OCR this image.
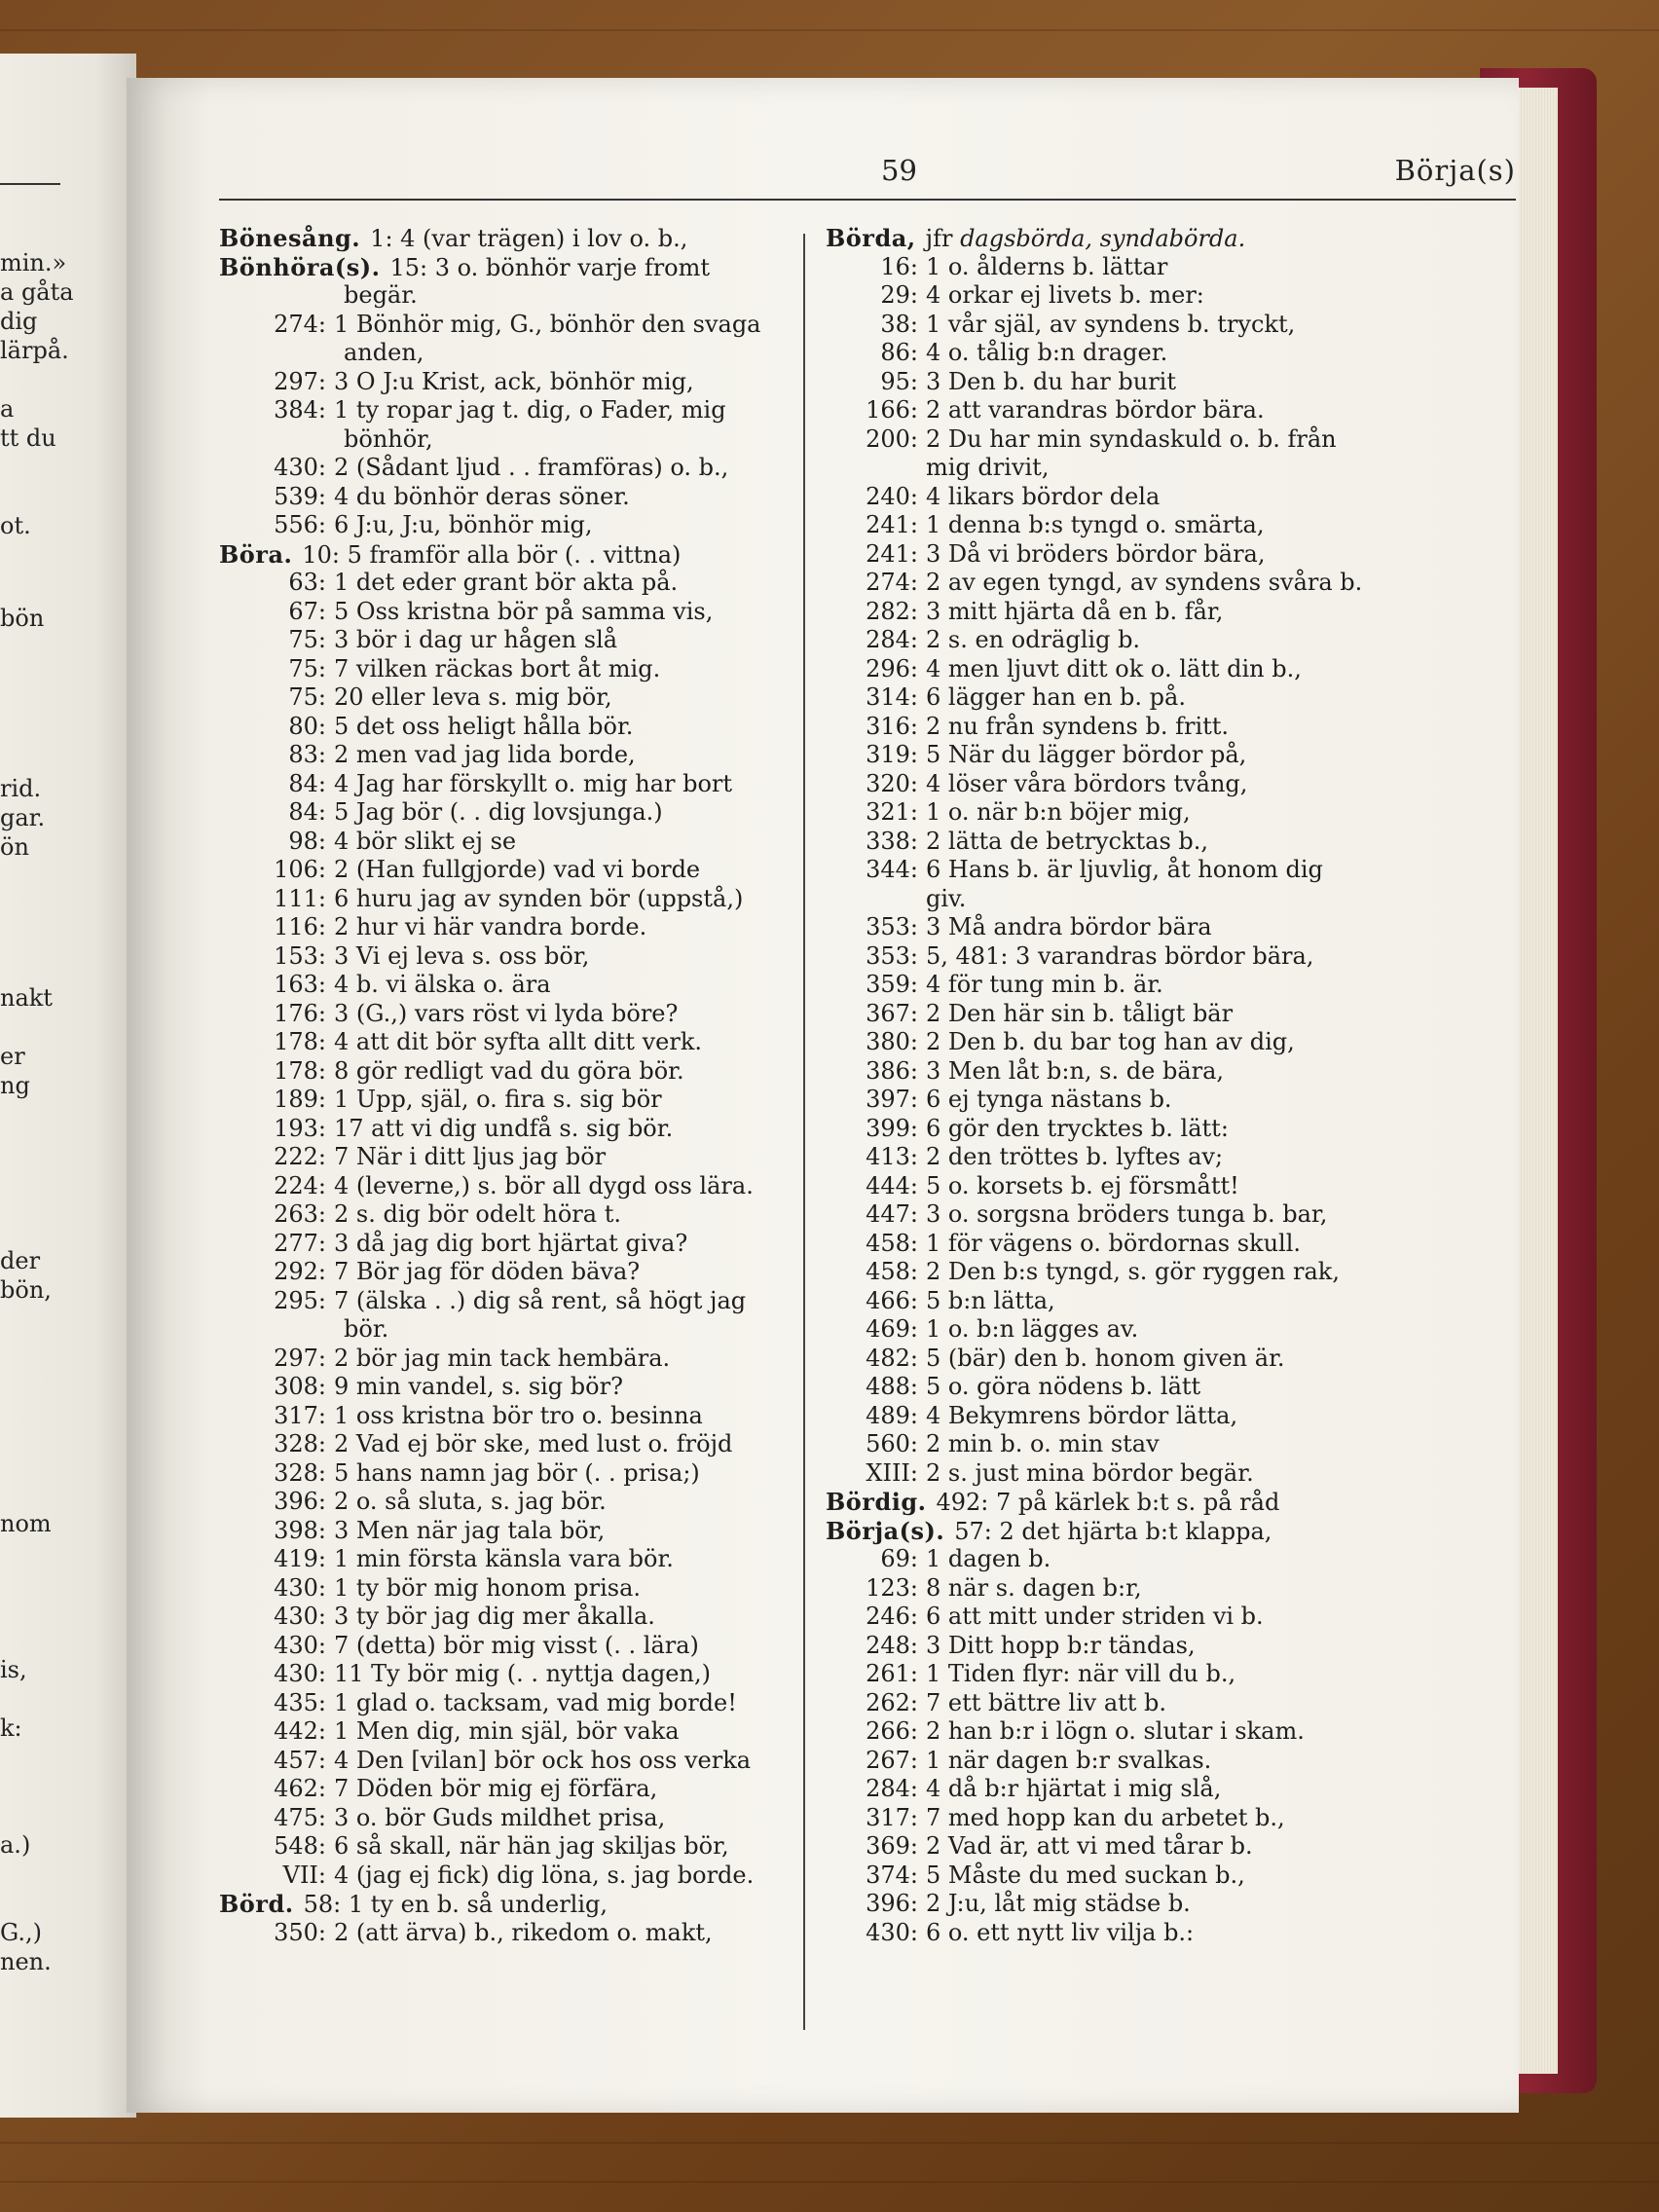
min.»
a gåta
dig
lärpå.
a
tt du
ot.
bön
rid.
gar.
ön
nakt
er
ng
der
bön,
nom
is,
k:
a.)
G.,)
nen.
59	Börja(s)
Bönesång. 1: 4 (var trägen) i lov o. b.,
Bönhöra(s). 15: 3 o. bönhör varje fromt
begär.
274: 1 Bönhör mig, G., bönhör den svaga
anden,
297: 3 O J:u Krist, ack, bönhör mig,
384: 1 ty ropar jag t. dig, o Fader, mig
bönhör,
430: 2 (Sådant ljud . . framföras) o. b.,
539: 4 du bönhör deras söner.
556: 6 J:u, J:u, bönhör mig,
Böra. 10: 5 framför alla bör (. . vittna)
63: 1 det eder grant bör akta på.
67: 5 Oss kristna bör på samma vis,
75: 3 bör i dag ur hågen slå
75: 7 vilken räckas bort åt mig.
75: 20 eller leva s. mig bör,
80: 5 det oss heligt hålla bör.
83: 2 men vad jag lida borde,
84: 4 Jag har förskyllt o. mig har bort
84: 5 Jag bör (. . dig lovsjunga.)
98: 4 bör slikt ej se
106: 2 (Han fullgjorde) vad vi borde
111: 6 huru jag av synden bör (uppstå,)
116: 2 hur vi här vandra borde.
153: 3 Vi ej leva s. oss bör,
163: 4 b. vi älska o. ära
176: 3 (G.,) vars röst vi lyda böre?
178: 4 att dit bör syfta allt ditt verk.
178: 8 gör redligt vad du göra bör.
189: 1 Upp, själ, o. fira s. sig bör
193: 17 att vi dig undfå s. sig bör.
222: 7 När i ditt ljus jag bör
224: 4 (leverne,) s. bör all dygd oss lära.
263: 2 s. dig bör odelt höra t.
277: 3 då jag dig bort hjärtat giva?
292: 7 Bör jag för döden bäva?
295: 7 (älska . .) dig så rent, så högt jag
bör.
297: 2 bör jag min tack hembära.
308: 9 min vandel, s. sig bör?
317: 1 oss kristna bör tro o. besinna
328: 2 Vad ej bör ske, med lust o. fröjd
328: 5 hans namn jag bör (. . prisa;)
396: 2 o. så sluta, s. jag bör.
398: 3 Men när jag tala bör,
419: 1 min första känsla vara bör.
430: 1 ty bör mig honom prisa.
430: 3 ty bör jag dig mer åkalla.
430: 7 (detta) bör mig visst (. . lära)
430: 11 Ty bör mig (. . nyttja dagen,)
435: 1 glad o. tacksam, vad mig borde!
442: 1 Men dig, min själ, bör vaka
457: 4 Den [vilan] bör ock hos oss verka
462: 7 Döden bör mig ej förfära,
475: 3 o. bör Guds mildhet prisa,
548: 6 så skall, när hän jag skiljas bör,
VII: 4 (jag ej fick) dig löna, s. jag borde.
Börd. 58: 1 ty en b. så underlig,
350: 2 (att ärva) b., rikedom o. makt,
Börda, jfr dagsbörda, syndabörda.
16: 1 o. ålderns b. lättar
29: 4 orkar ej livets b. mer:
38: 1 vår själ, av syndens b. tryckt,
86: 4 o. tålig b:n drager.
95: 3 Den b. du har burit
166: 2 att varandras bördor bära.
200: 2 Du har min syndaskuld o. b. från
mig drivit,
240: 4 likars bördor dela
241: 1 denna b:s tyngd o. smärta,
241: 3 Då vi bröders bördor bära,
274: 2 av egen tyngd, av syndens svåra b.
282: 3 mitt hjärta då en b. får,
284: 2 s. en odräglig b.
296: 4 men ljuvt ditt ok o. lätt din b.,
314: 6 lägger han en b. på.
316: 2 nu från syndens b. fritt.
319: 5 När du lägger bördor på,
320: 4 löser våra bördors tvång,
321: 1 o. när b:n böjer mig,
338: 2 lätta de betrycktas b.,
344: 6 Hans b. är ljuvlig, åt honom dig
giv.
353: 3 Må andra bördor bära
353: 5, 481: 3 varandras bördor bära,
359: 4 för tung min b. är.
367: 2 Den här sin b. tåligt bär
380: 2 Den b. du bar tog han av dig,
386: 3 Men låt b:n, s. de bära,
397: 6 ej tynga nästans b.
399: 6 gör den trycktes b. lätt:
413: 2 den tröttes b. lyftes av;
444: 5 o. korsets b. ej försmått!
447: 3 o. sorgsna bröders tunga b. bar,
458: 1 för vägens o. bördornas skull.
458: 2 Den b:s tyngd, s. gör ryggen rak,
466: 5 b:n lätta,
469: 1 o. b:n lägges av.
482: 5 (bär) den b. honom given är.
488: 5 o. göra nödens b. lätt
489: 4 Bekymrens bördor lätta,
560: 2 min b. o. min stav
XIII: 2 s. just mina bördor begär.
Bördig. 492: 7 på kärlek b:t s. på råd
Börja(s). 57: 2 det hjärta b:t klappa,
69: 1 dagen b.
123: 8 när s. dagen b:r,
246: 6 att mitt under striden vi b.
248: 3 Ditt hopp b:r tändas,
261: 1 Tiden flyr: när vill du b.,
262: 7 ett bättre liv att b.
266: 2 han b:r i lögn o. slutar i skam.
267: 1 när dagen b:r svalkas.
284: 4 då b:r hjärtat i mig slå,
317: 7 med hopp kan du arbetet b.,
369: 2 Vad är, att vi med tårar b.
374: 5 Måste du med suckan b.,
396: 2 J:u, låt mig städse b.
430: 6 o. ett nytt liv vilja b.:
